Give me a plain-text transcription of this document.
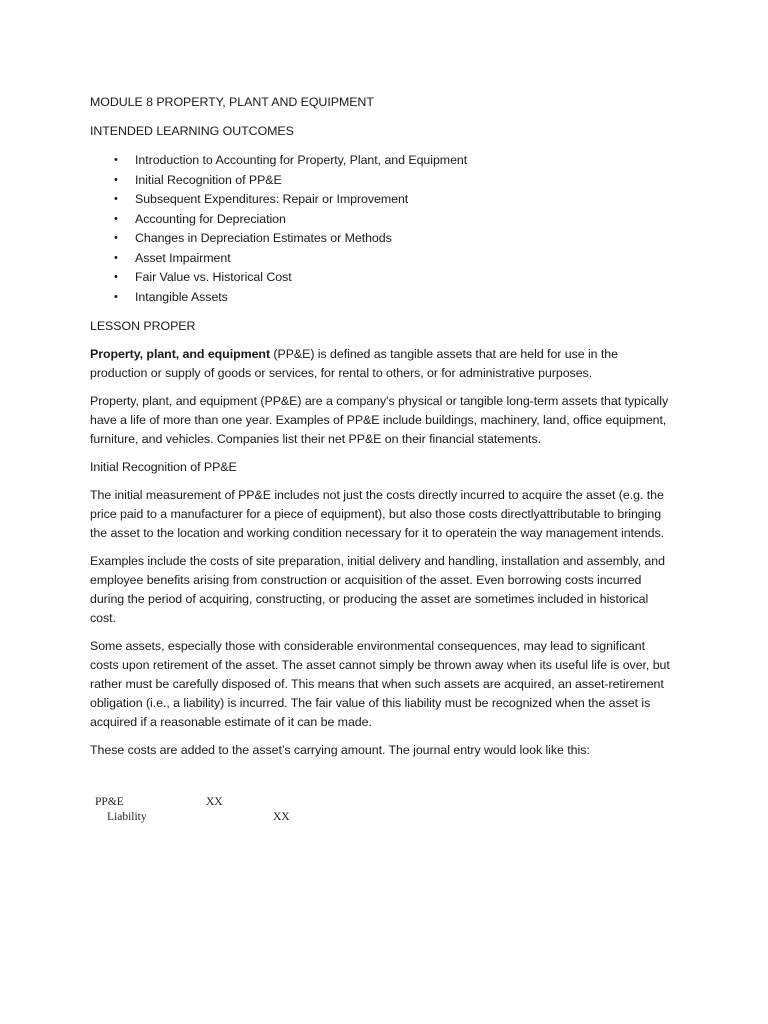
MODULE 8 PROPERTY, PLANT AND EQUIPMENT
INTENDED LEARNING OUTCOMES
• Introduction to Accounting for Property, Plant, and Equipment
• Initial Recognition of PP&E
• Subsequent Expenditures: Repair or Improvement
• Accounting for Depreciation
• Changes in Depreciation Estimates or Methods
• Asset Impairment
• Fair Value vs. Historical Cost
• Intangible Assets
LESSON PROPER

Property, plant, and equipment (PP&E) is defined as tangible assets that are held for use in the production or supply of goods or services, for rental to others, or for administrative purposes.

Property, plant, and equipment (PP&E) are a company's physical or tangible long-term assets that typically have a life of more than one year. Examples of PP&E include buildings, machinery, land, office equipment, furniture, and vehicles. Companies list their net PP&E on their financial statements.

Initial Recognition of PP&E

The initial measurement of PP&E includes not just the costs directly incurred to acquire the asset (e.g. the price paid to a manufacturer for a piece of equipment), but also those costs directlyattributable to bringing the asset to the location and working condition necessary for it to operatein the way management intends.

Examples include the costs of site preparation, initial delivery and handling, installation and assembly, and employee benefits arising from construction or acquisition of the asset. Even borrowing costs incurred during the period of acquiring, constructing, or producing the asset are sometimes included in historical cost.

Some assets, especially those with considerable environmental consequences, may lead to significant costs upon retirement of the asset. The asset cannot simply be thrown away when its useful life is over, but rather must be carefully disposed of. This means that when such assets are acquired, an asset-retirement obligation (i.e., a liability) is incurred. The fair value of this liability must be recognized when the asset is acquired if a reasonable estimate of it can be made.

These costs are added to the asset’s carrying amount. The journal entry would look like this:

PP&E	XX
Liability	XX
